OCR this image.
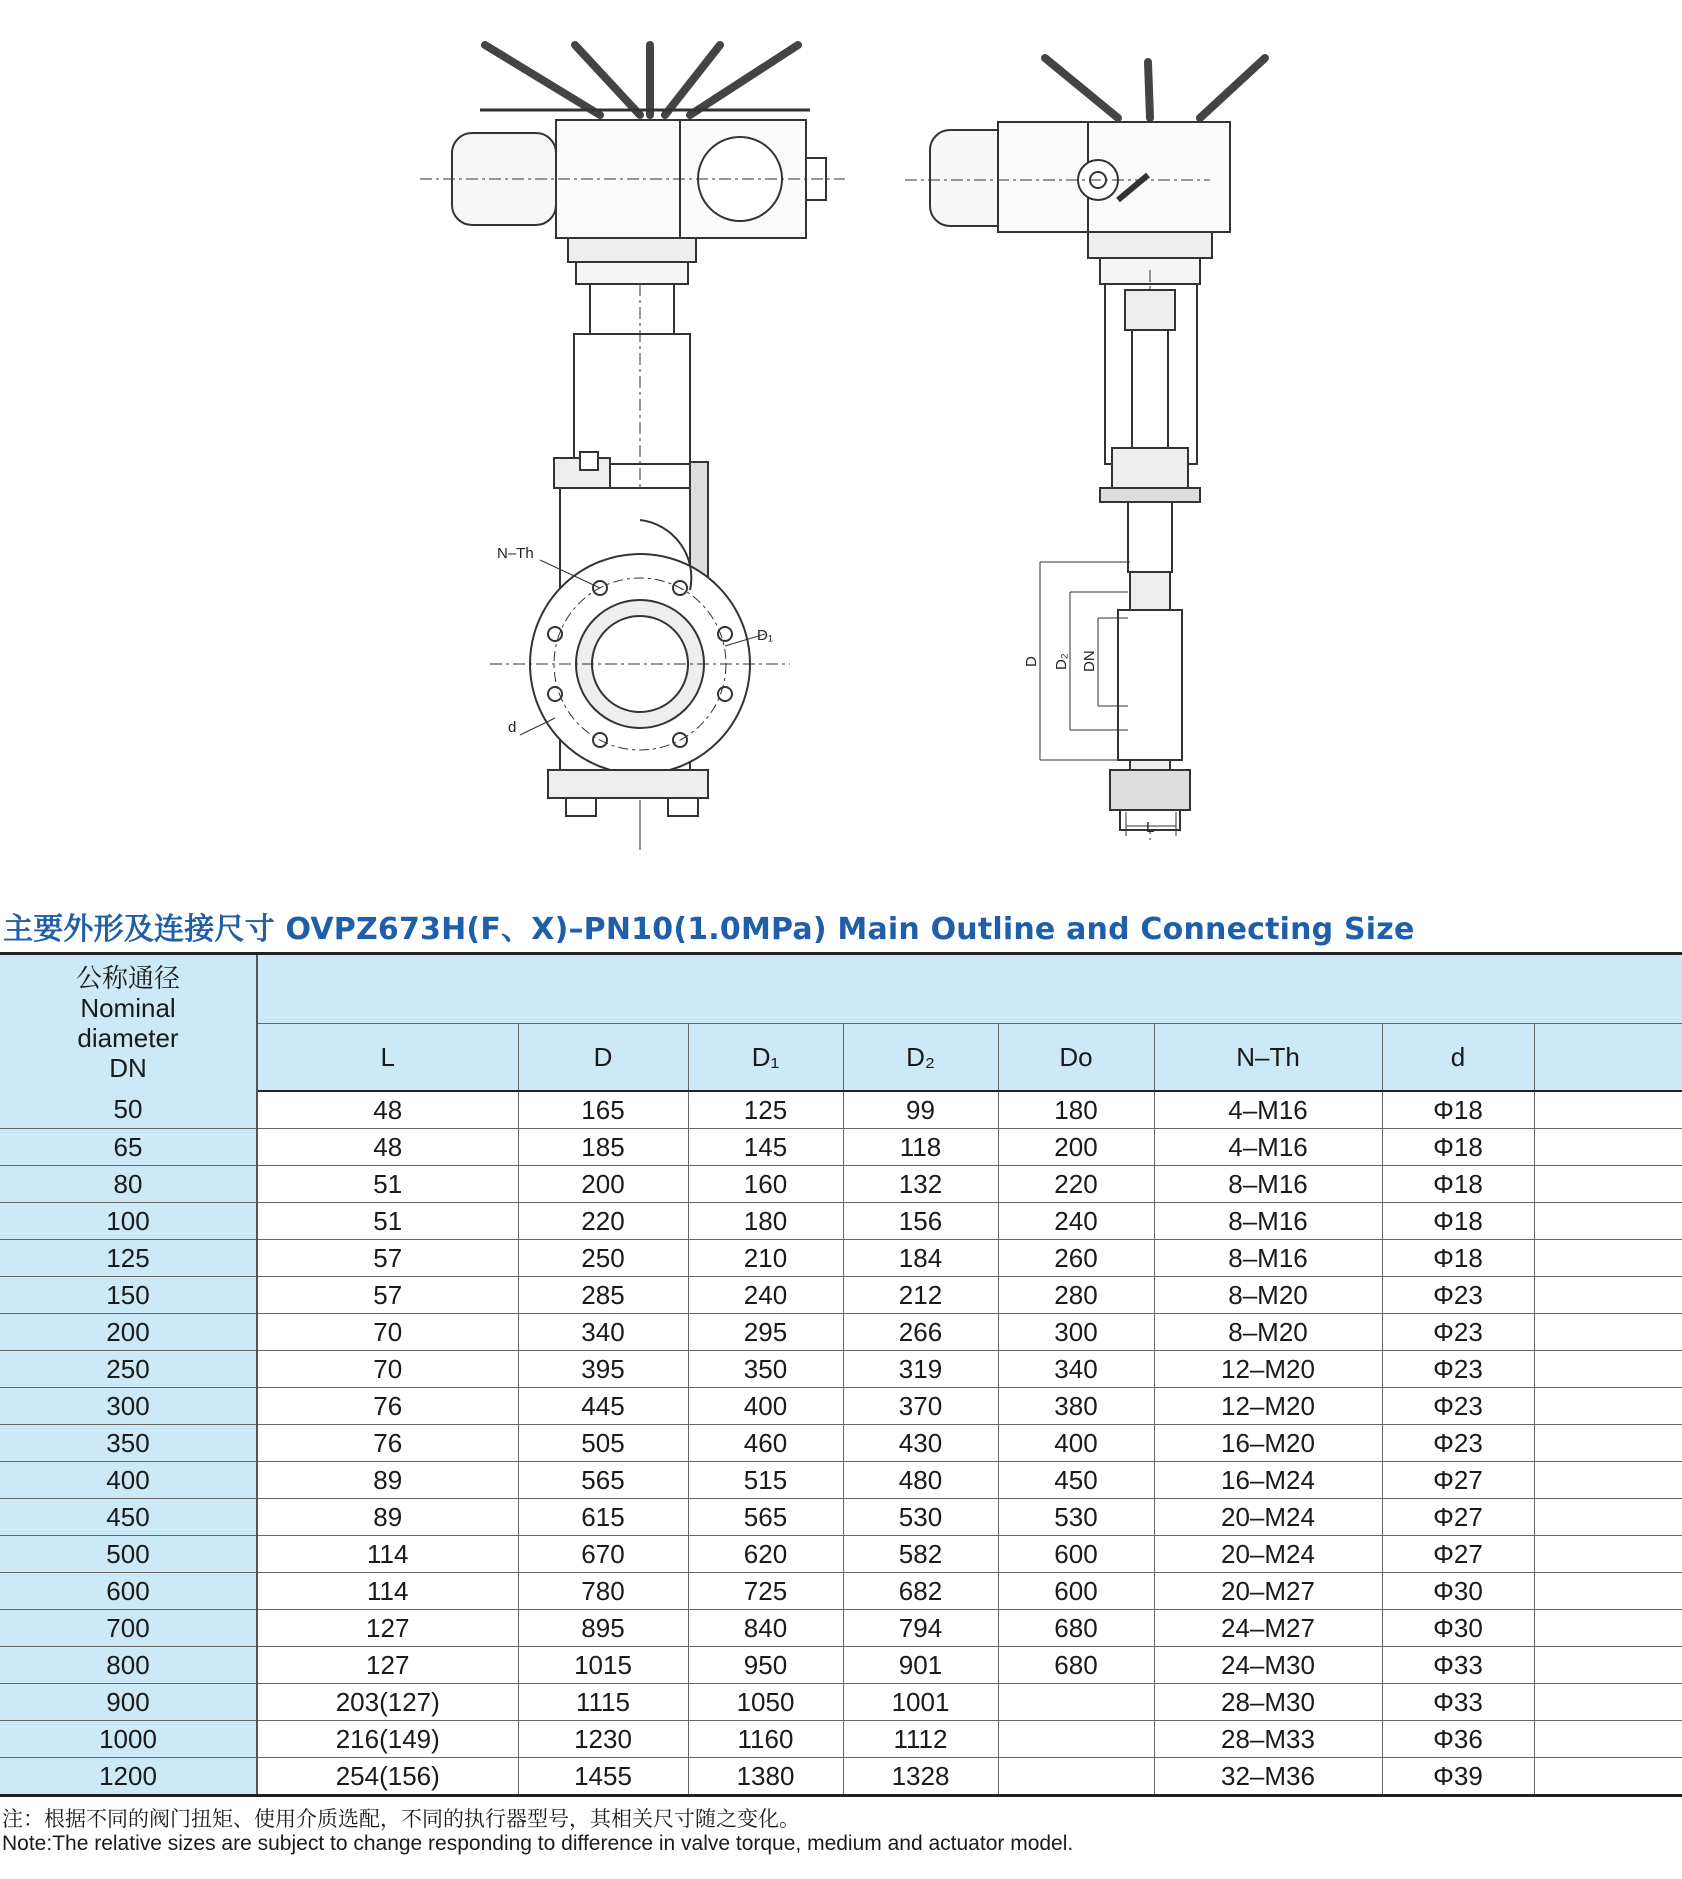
N–Th
D₁
d
D D₂ DN
L
主要外形及连接尺寸 OVPZ673H(F、X)–PN10(1.0MPa) Main Outline and Connecting Size
公称通径
Nominal
diameter
DN								

	L	D	D₁	D₂	Do	N–Th	d	
50	48	165	125	99	180	4–M16	Φ18	
65	48	185	145	118	200	4–M16	Φ18	
80	51	200	160	132	220	8–M16	Φ18	
100	51	220	180	156	240	8–M16	Φ18	
125	57	250	210	184	260	8–M16	Φ18	
150	57	285	240	212	280	8–M20	Φ23	
200	70	340	295	266	300	8–M20	Φ23	
250	70	395	350	319	340	12–M20	Φ23	
300	76	445	400	370	380	12–M20	Φ23	
350	76	505	460	430	400	16–M20	Φ23	
400	89	565	515	480	450	16–M24	Φ27	
450	89	615	565	530	530	20–M24	Φ27	
500	114	670	620	582	600	20–M24	Φ27	
600	114	780	725	682	600	20–M27	Φ30	
700	127	895	840	794	680	24–M27	Φ30	
800	127	1015	950	901	680	24–M30	Φ33	
900	203(127)	1115	1050	1001		28–M30	Φ33	
1000	216(149)	1230	1160	1112		28–M33	Φ36	
1200	254(156)	1455	1380	1328		32–M36	Φ39	
注：根据不同的阀门扭矩、使用介质选配，不同的执行器型号，其相关尺寸随之变化。
Note:The relative sizes are subject to change responding to difference in valve torque, medium and actuator model.
